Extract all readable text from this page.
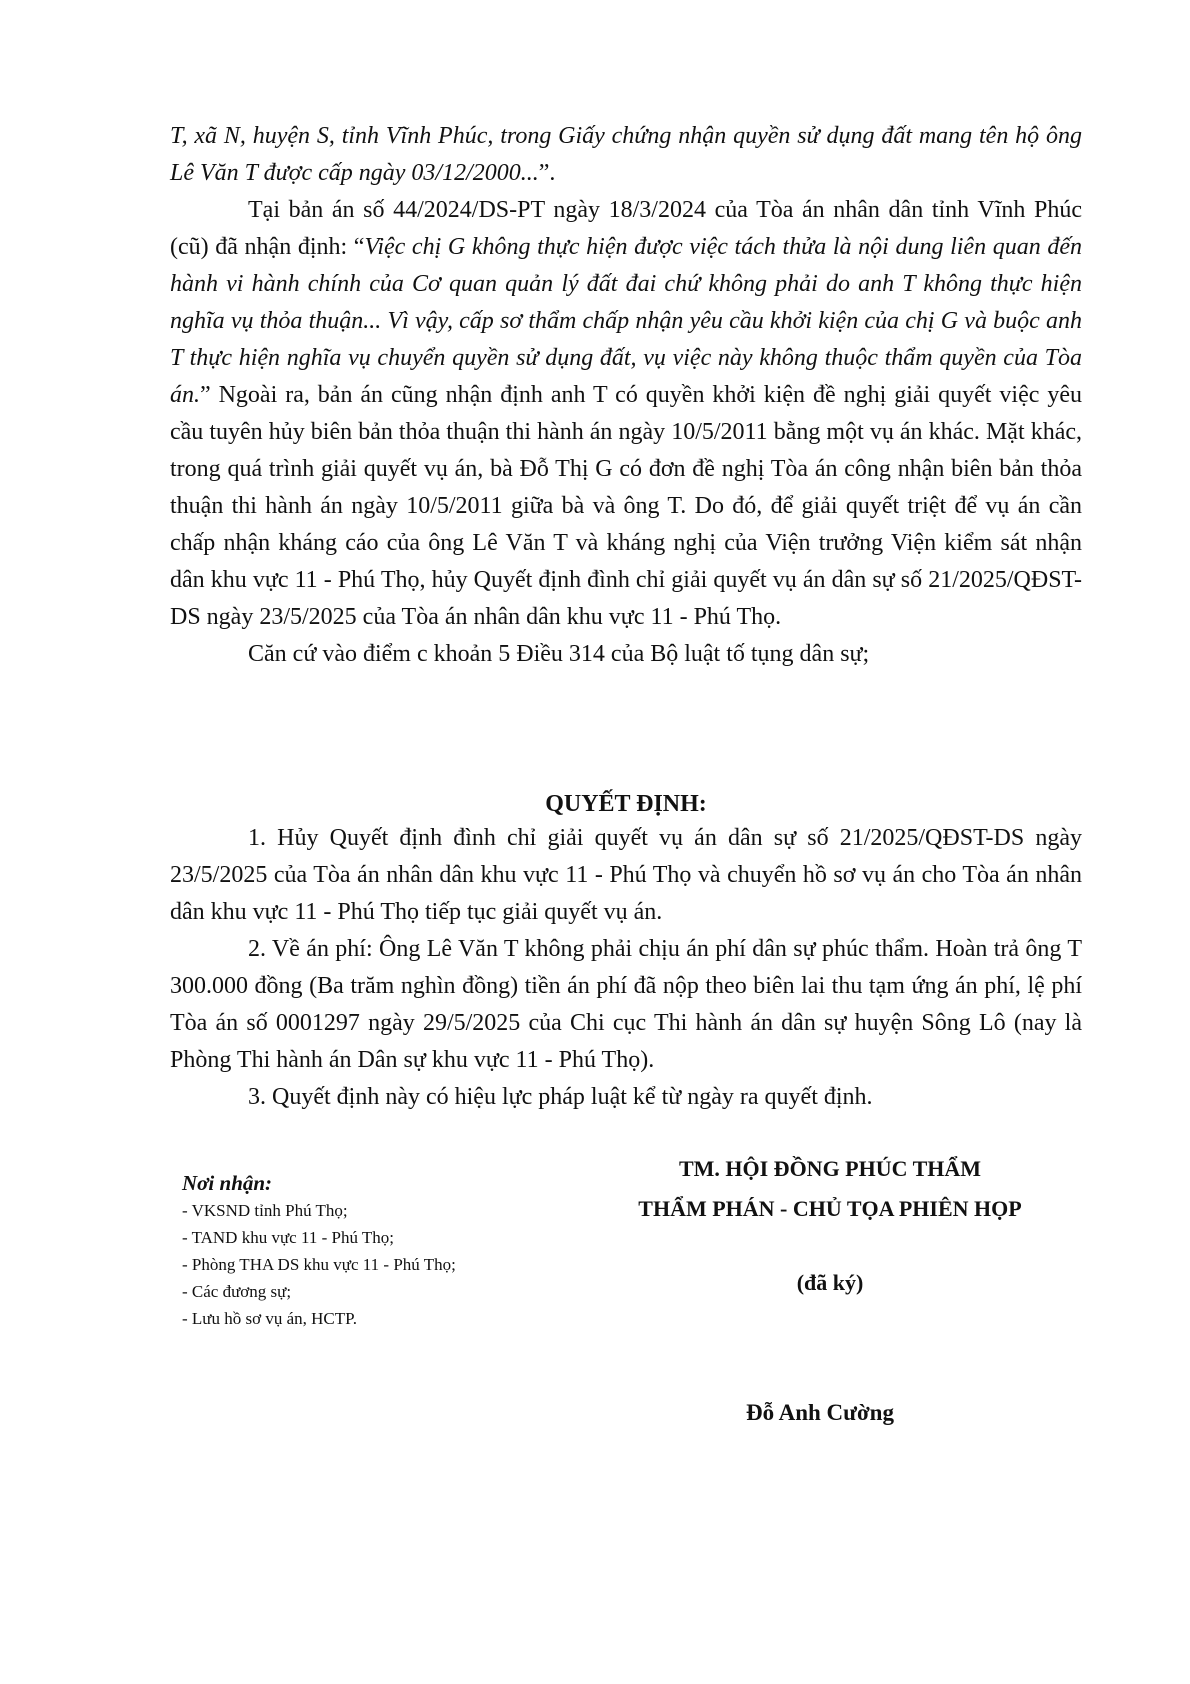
T, xã N, huyện S, tỉnh Vĩnh Phúc, trong Giấy chứng nhận quyền sử dụng đất mang tên hộ ông Lê Văn T được cấp ngày 03/12/2000...”.

Tại bản án số 44/2024/DS-PT ngày 18/3/2024 của Tòa án nhân dân tỉnh Vĩnh Phúc (cũ) đã nhận định: “Việc chị G không thực hiện được việc tách thửa là nội dung liên quan đến hành vi hành chính của Cơ quan quản lý đất đai chứ không phải do anh T không thực hiện nghĩa vụ thỏa thuận... Vì vậy, cấp sơ thẩm chấp nhận yêu cầu khởi kiện của chị G và buộc anh T thực hiện nghĩa vụ chuyển quyền sử dụng đất, vụ việc này không thuộc thẩm quyền của Tòa án.” Ngoài ra, bản án cũng nhận định anh T có quyền khởi kiện đề nghị giải quyết việc yêu cầu tuyên hủy biên bản thỏa thuận thi hành án ngày 10/5/2011 bằng một vụ án khác. Mặt khác, trong quá trình giải quyết vụ án, bà Đỗ Thị G có đơn đề nghị Tòa án công nhận biên bản thỏa thuận thi hành án ngày 10/5/2011 giữa bà và ông T. Do đó, để giải quyết triệt để vụ án cần chấp nhận kháng cáo của ông Lê Văn T và kháng nghị của Viện trưởng Viện kiểm sát nhận dân khu vực 11 - Phú Thọ, hủy Quyết định đình chỉ giải quyết vụ án dân sự số 21/2025/QĐST-DS ngày 23/5/2025 của Tòa án nhân dân khu vực 11 - Phú Thọ.

Căn cứ vào điểm c khoản 5 Điều 314 của Bộ luật tố tụng dân sự;

QUYẾT ĐỊNH:

1. Hủy Quyết định đình chỉ giải quyết vụ án dân sự số 21/2025/QĐST-DS ngày 23/5/2025 của Tòa án nhân dân khu vực 11 - Phú Thọ và chuyển hồ sơ vụ án cho Tòa án nhân dân khu vực 11 - Phú Thọ tiếp tục giải quyết vụ án.

2. Về án phí: Ông Lê Văn T không phải chịu án phí dân sự phúc thẩm. Hoàn trả ông T 300.000 đồng (Ba trăm nghìn đồng) tiền án phí đã nộp theo biên lai thu tạm ứng án phí, lệ phí Tòa án số 0001297 ngày 29/5/2025 của Chi cục Thi hành án dân sự huyện Sông Lô (nay là Phòng Thi hành án Dân sự khu vực 11 - Phú Thọ).

3. Quyết định này có hiệu lực pháp luật kể từ ngày ra quyết định.

Nơi nhận:
- VKSND tỉnh Phú Thọ;
- TAND khu vực 11 - Phú Thọ;
- Phòng THA DS khu vực 11 - Phú Thọ;
- Các đương sự;
- Lưu hồ sơ vụ án, HCTP.
TM. HỘI ĐỒNG PHÚC THẨM
THẨM PHÁN - CHỦ TỌA PHIÊN HỌP
(đã ký)
Đỗ Anh Cường
